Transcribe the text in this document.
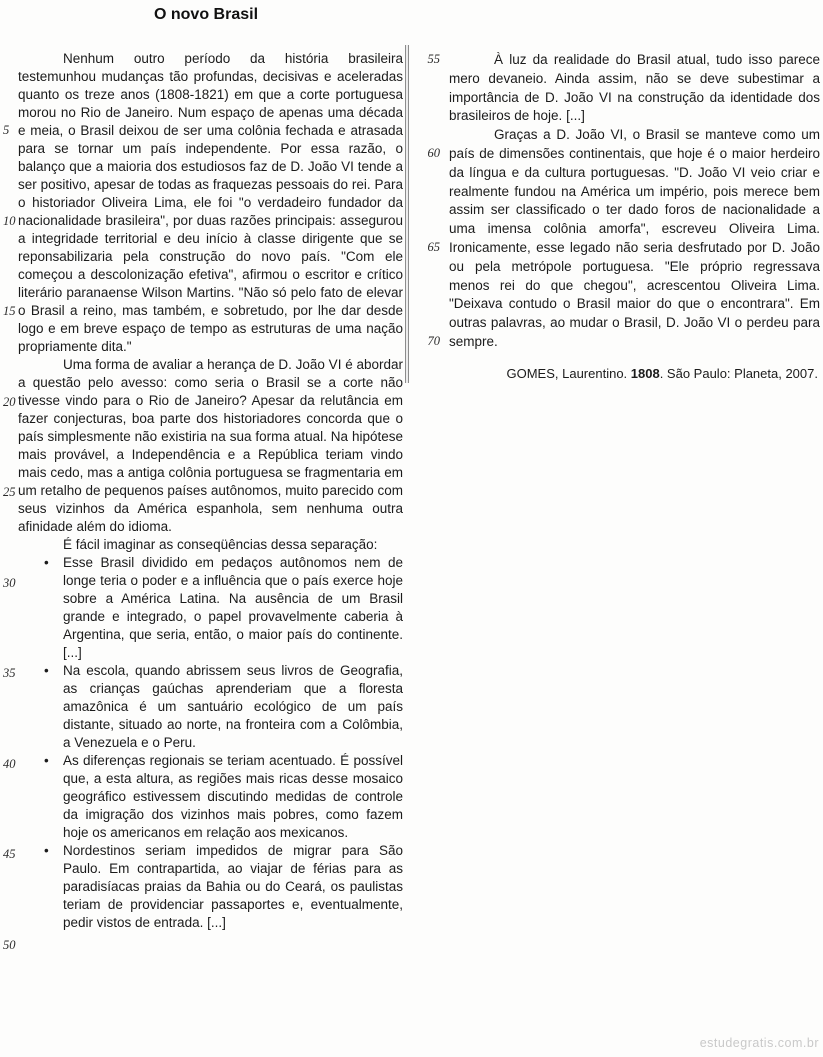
O novo Brasil
Nenhum outro período da história brasileira testemunhou mudanças tão profundas, decisivas e aceleradas quanto os treze anos (1808-1821) em que a corte portuguesa morou no Rio de Janeiro. Num espaço de apenas uma década e meia, o Brasil deixou de ser uma colônia fechada e atrasada para se tornar um país independente. Por essa razão, o balanço que a maioria dos estudiosos faz de D. João VI tende a ser positivo, apesar de todas as fraquezas pessoais do rei. Para o historiador Oliveira Lima, ele foi "o verdadeiro fundador da nacionalidade brasileira", por duas razões principais: assegurou a integridade territorial e deu início à classe dirigente que se reponsabilizaria pela construção do novo país. "Com ele começou a descolonização efetiva", afirmou o escritor e crítico literário paranaense Wilson Martins. "Não só pelo fato de elevar o Brasil a reino, mas também, e sobretudo, por lhe dar desde logo e em breve espaço de tempo as estruturas de uma nação propriamente dita."
Uma forma de avaliar a herança de D. João VI é abordar a questão pelo avesso: como seria o Brasil se a corte não tivesse vindo para o Rio de Janeiro? Apesar da relutância em fazer conjecturas, boa parte dos historiadores concorda que o país simplesmente não existiria na sua forma atual. Na hipótese mais provável, a Independência e a República teriam vindo mais cedo, mas a antiga colônia portuguesa se fragmentaria em um retalho de pequenos países autônomos, muito parecido com seus vizinhos da América espanhola, sem nenhuma outra afinidade além do idioma.
É fácil imaginar as conseqüências dessa separação:
• Esse Brasil dividido em pedaços autônomos nem de longe teria o poder e a influência que o país exerce hoje sobre a América Latina. Na ausência de um Brasil grande e integrado, o papel provavelmente caberia à Argentina, que seria, então, o maior país do continente. [...]
• Na escola, quando abrissem seus livros de Geografia, as crianças gaúchas aprenderiam que a floresta amazônica é um santuário ecológico de um país distante, situado ao norte, na fronteira com a Colômbia, a Venezuela e o Peru.
• As diferenças regionais se teriam acentuado. É possível que, a esta altura, as regiões mais ricas desse mosaico geográfico estivessem discutindo medidas de controle da imigração dos vizinhos mais pobres, como fazem hoje os americanos em relação aos mexicanos.
• Nordestinos seriam impedidos de migrar para São Paulo. Em contrapartida, ao viajar de férias para as paradisíacas praias da Bahia ou do Ceará, os paulistas teriam de providenciar passaportes e, eventualmente, pedir vistos de entrada. [...]
À luz da realidade do Brasil atual, tudo isso parece mero devaneio. Ainda assim, não se deve subestimar a importância de D. João VI na construção da identidade dos brasileiros de hoje. [...]
Graças a D. João VI, o Brasil se manteve como um país de dimensões continentais, que hoje é o maior herdeiro da língua e da cultura portuguesas. "D. João VI veio criar e realmente fundou na América um império, pois merece bem assim ser classificado o ter dado foros de nacionalidade a uma imensa colônia amorfa", escreveu Oliveira Lima. Ironicamente, esse legado não seria desfrutado por D. João ou pela metrópole portuguesa. "Ele próprio regressava menos rei do que chegou", acrescentou Oliveira Lima. "Deixava contudo o Brasil maior do que o encontrara". Em outras palavras, ao mudar o Brasil, D. João VI o perdeu para sempre.
5
10
15
20
25
30
35
40
45
50
55
60
65
70
GOMES, Laurentino. 1808. São Paulo: Planeta, 2007.
estudegratis.com.br
